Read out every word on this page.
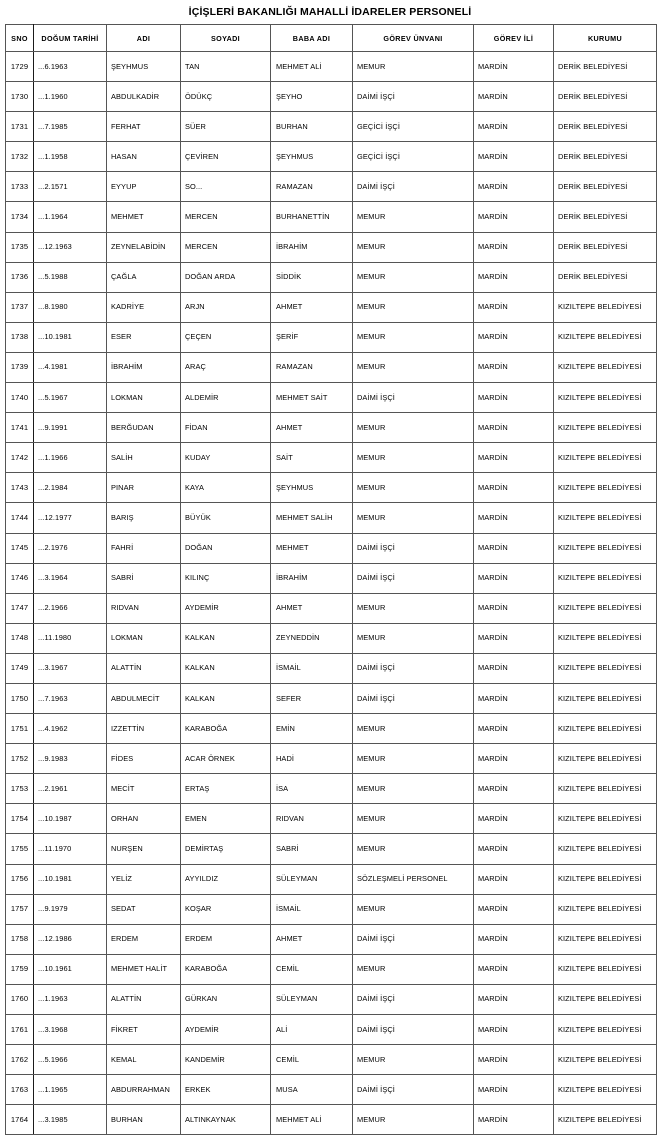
İÇİŞLERİ BAKANLIĞI MAHALLİ İDARELER PERSONELİ
SNO	DOĞUM TARİHİ	ADI	SOYADI	BABA ADI	GÖREV ÜNVANI	GÖREV İLİ	KURUMU
1729	...6.1963	ŞEYHMUS	TAN	MEHMET ALİ	MEMUR	MARDİN	DERİK BELEDİYESİ
1730	...1.1960	ABDULKADİR	ÖDÜKÇ	ŞEYHO	DAİMİ İŞÇİ	MARDİN	DERİK BELEDİYESİ
1731	...7.1985	FERHAT	SÜER	BURHAN	GEÇİCİ İŞÇİ	MARDİN	DERİK BELEDİYESİ
1732	...1.1958	HASAN	ÇEVİREN	ŞEYHMUS	GEÇİCİ İŞÇİ	MARDİN	DERİK BELEDİYESİ
1733	...2.1571	EYYUP	SO...	RAMAZAN	DAİMİ İŞÇİ	MARDİN	DERİK BELEDİYESİ
1734	...1.1964	MEHMET	MERCEN	BURHANETTİN	MEMUR	MARDİN	DERİK BELEDİYESİ
1735	...12.1963	ZEYNELABİDİN	MERCEN	İBRAHİM	MEMUR	MARDİN	DERİK BELEDİYESİ
1736	...5.1988	ÇAĞLA	DOĞAN ARDA	SİDDİK	MEMUR	MARDİN	DERİK BELEDİYESİ
1737	...8.1980	KADRİYE	ARJN	AHMET	MEMUR	MARDİN	KIZILTEPE BELEDİYESİ
1738	...10.1981	ESER	ÇEÇEN	ŞERİF	MEMUR	MARDİN	KIZILTEPE BELEDİYESİ
1739	...4.1981	İBRAHİM	ARAÇ	RAMAZAN	MEMUR	MARDİN	KIZILTEPE BELEDİYESİ
1740	...5.1967	LOKMAN	ALDEMİR	MEHMET SAİT	DAİMİ İŞÇİ	MARDİN	KIZILTEPE BELEDİYESİ
1741	...9.1991	BERĞUDAN	FİDAN	AHMET	MEMUR	MARDİN	KIZILTEPE BELEDİYESİ
1742	...1.1966	SALİH	KUDAY	SAİT	MEMUR	MARDİN	KIZILTEPE BELEDİYESİ
1743	...2.1984	PINAR	KAYA	ŞEYHMUS	MEMUR	MARDİN	KIZILTEPE BELEDİYESİ
1744	...12.1977	BARIŞ	BÜYÜK	MEHMET SALİH	MEMUR	MARDİN	KIZILTEPE BELEDİYESİ
1745	...2.1976	FAHRİ	DOĞAN	MEHMET	DAİMİ İŞÇİ	MARDİN	KIZILTEPE BELEDİYESİ
1746	...3.1964	SABRİ	KILINÇ	İBRAHİM	DAİMİ İŞÇİ	MARDİN	KIZILTEPE BELEDİYESİ
1747	...2.1966	RIDVAN	AYDEMİR	AHMET	MEMUR	MARDİN	KIZILTEPE BELEDİYESİ
1748	...11.1980	LOKMAN	KALKAN	ZEYNEDDİN	MEMUR	MARDİN	KIZILTEPE BELEDİYESİ
1749	...3.1967	ALATTİN	KALKAN	İSMAİL	DAİMİ İŞÇİ	MARDİN	KIZILTEPE BELEDİYESİ
1750	...7.1963	ABDULMECİT	KALKAN	SEFER	DAİMİ İŞÇİ	MARDİN	KIZILTEPE BELEDİYESİ
1751	...4.1962	IZZETTİN	KARABOĞA	EMİN	MEMUR	MARDİN	KIZILTEPE BELEDİYESİ
1752	...9.1983	FİDES	ACAR ÖRNEK	HADİ	MEMUR	MARDİN	KIZILTEPE BELEDİYESİ
1753	...2.1961	MECİT	ERTAŞ	İSA	MEMUR	MARDİN	KIZILTEPE BELEDİYESİ
1754	...10.1987	ORHAN	EMEN	RIDVAN	MEMUR	MARDİN	KIZILTEPE BELEDİYESİ
1755	...11.1970	NURŞEN	DEMİRTAŞ	SABRİ	MEMUR	MARDİN	KIZILTEPE BELEDİYESİ
1756	...10.1981	YELİZ	AYYILDIZ	SÜLEYMAN	SÖZLEŞMELİ PERSONEL	MARDİN	KIZILTEPE BELEDİYESİ
1757	...9.1979	SEDAT	KOŞAR	İSMAİL	MEMUR	MARDİN	KIZILTEPE BELEDİYESİ
1758	...12.1986	ERDEM	ERDEM	AHMET	DAİMİ İŞÇİ	MARDİN	KIZILTEPE BELEDİYESİ
1759	...10.1961	MEHMET HALİT	KARABOĞA	CEMİL	MEMUR	MARDİN	KIZILTEPE BELEDİYESİ
1760	...1.1963	ALATTİN	GÜRKAN	SÜLEYMAN	DAİMİ İŞÇİ	MARDİN	KIZILTEPE BELEDİYESİ
1761	...3.1968	FİKRET	AYDEMİR	ALİ	DAİMİ İŞÇİ	MARDİN	KIZILTEPE BELEDİYESİ
1762	...5.1966	KEMAL	KANDEMİR	CEMİL	MEMUR	MARDİN	KIZILTEPE BELEDİYESİ
1763	...1.1965	ABDURRAHMAN	ERKEK	MUSA	DAİMİ İŞÇİ	MARDİN	KIZILTEPE BELEDİYESİ
1764	...3.1985	BURHAN	ALTINKAYNAK	MEHMET ALİ	MEMUR	MARDİN	KIZILTEPE BELEDİYESİ
